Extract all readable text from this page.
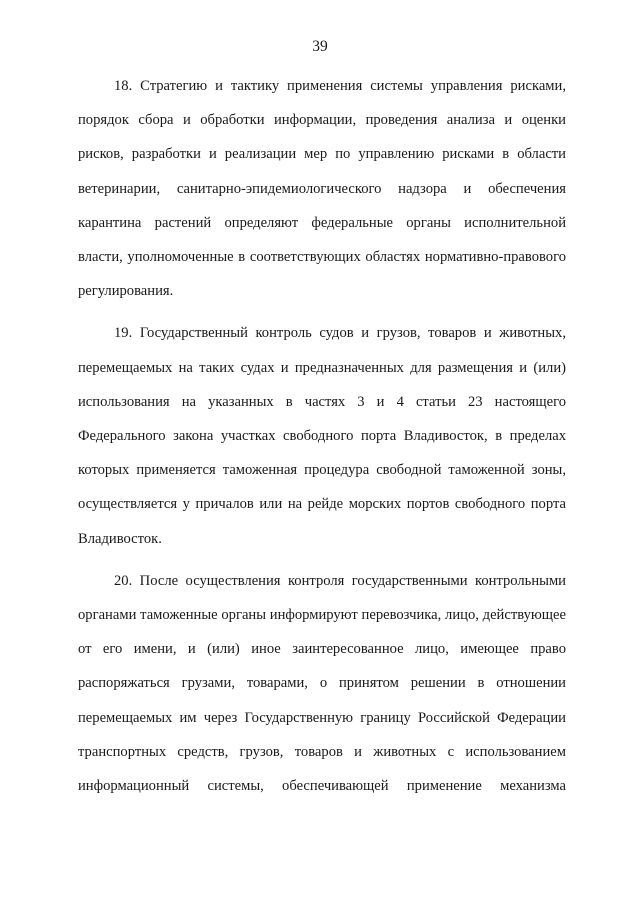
39

18. Стратегию и тактику применения системы управления рисками, порядок сбора и обработки информации, проведения анализа и оценки рисков, разработки и реализации мер по управлению рисками в области ветеринарии, санитарно-эпидемиологического надзора и обеспечения карантина растений определяют федеральные органы исполнительной власти, уполномоченные в соответствующих областях нормативно-правового регулирования.

19. Государственный контроль судов и грузов, товаров и животных, перемещаемых на таких судах и предназначенных для размещения и (или) использования на указанных в частях 3 и 4 статьи 23 настоящего Федерального закона участках свободного порта Владивосток, в пределах которых применяется таможенная процедура свободной таможенной зоны, осуществляется у причалов или на рейде морских портов свободного порта Владивосток.

20. После осуществления контроля государственными контрольными органами таможенные органы информируют перевозчика, лицо, действующее от его имени, и (или) иное заинтересованное лицо, имеющее право распоряжаться грузами, товарами, о принятом решении в отношении перемещаемых им через Государственную границу Российской Федерации транспортных средств, грузов, товаров и животных с использованием информационный системы, обеспечивающей применение механизма
